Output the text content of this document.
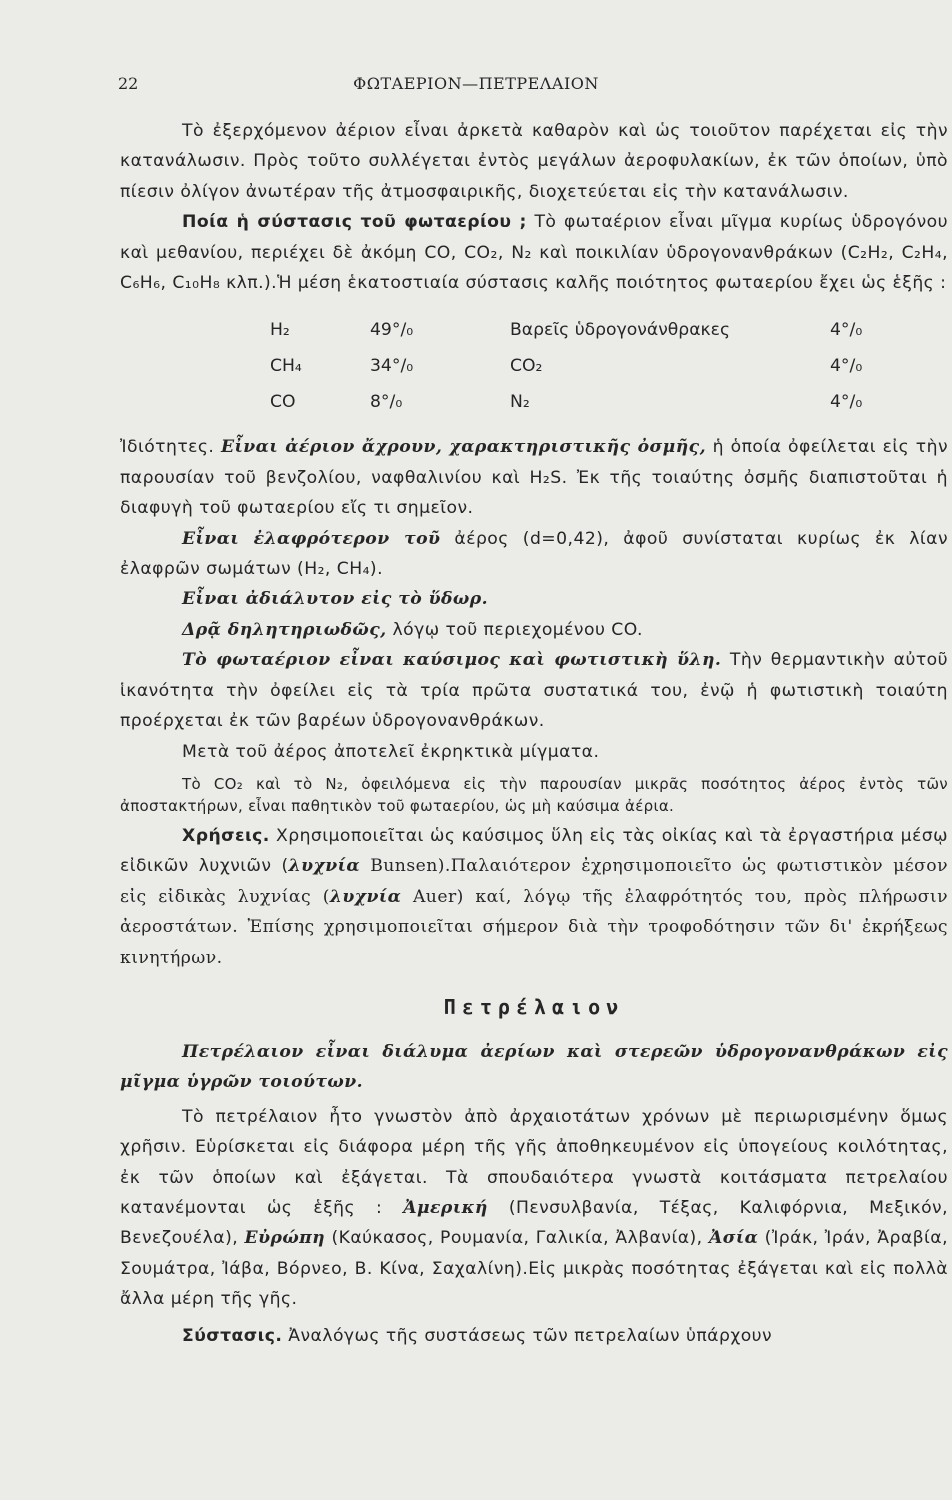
22	ΦΩΤΑΕΡΙΟΝ—ΠΕΤΡΕΛΑΙΟΝ

Τὸ ἐξερχόμενον ἀέριον εἶναι ἀρκετὰ καθαρὸν καὶ ὡς τοιοῦτον παρέχεται εἰς τὴν κατανάλωσιν. Πρὸς τοῦτο συλλέγεται ἐντὸς μεγάλων ἀεροφυλακίων, ἐκ τῶν ὁποίων, ὑπὸ πίεσιν ὀλίγον ἀνωτέραν τῆς ἀτμοσφαιρικῆς, διοχετεύεται εἰς τὴν κατανάλωσιν.

Ποία ἡ σύστασις τοῦ φωταερίου ; Τὸ φωταέριον εἶναι μῖγμα κυρίως ὑδρογόνου καὶ μεθανίου, περιέχει δὲ ἀκόμη CO, CO₂, N₂ καὶ ποικιλίαν ὑδρογονανθράκων (C₂H₂, C₂H₄, C₆H₆, C₁₀H₈ κλπ.).Ἡ μέση ἑκατοστιαία σύστασις καλῆς ποιότητος φωταερίου ἔχει ὡς ἑξῆς :

H₂	49°/₀	Βαρεῖς ὑδρογονάνθρακες	4°/₀
CH₄	34°/₀	CO₂	4°/₀
CO	8°/₀	N₂	4°/₀

Ἰδιότητες. Εἶναι ἀέριον ἄχρουν, χαρακτηριστικῆς ὀσμῆς, ἡ ὁποία ὀφείλεται εἰς τὴν παρουσίαν τοῦ βενζολίου, ναφθαλινίου καὶ H₂S. Ἐκ τῆς τοιαύτης ὀσμῆς διαπιστοῦται ἡ διαφυγὴ τοῦ φωταερίου εἴς τι σημεῖον.

Εἶναι ἐλαφρότερον τοῦ ἀέρος (d=0,42), ἀφοῦ συνίσταται κυρίως ἐκ λίαν ἐλαφρῶν σωμάτων (H₂, CH₄).

Εἶναι ἀδιάλυτον εἰς τὸ ὕδωρ.

Δρᾷ δηλητηριωδῶς, λόγῳ τοῦ περιεχομένου CO.

Τὸ φωταέριον εἶναι καύσιμος καὶ φωτιστικὴ ὕλη. Τὴν θερμαντικὴν αὐτοῦ ἱκανότητα τὴν ὀφείλει εἰς τὰ τρία πρῶτα συστατικά του, ἐνῷ ἡ φωτιστικὴ τοιαύτη προέρχεται ἐκ τῶν βαρέων ὑδρογονανθράκων.

Μετὰ τοῦ ἀέρος ἀποτελεῖ ἐκρηκτικὰ μίγματα.

Τὸ CO₂ καὶ τὸ N₂, ὀφειλόμενα εἰς τὴν παρουσίαν μικρᾶς ποσότητος ἀέρος ἐντὸς τῶν ἀποστακτήρων, εἶναι παθητικὸν τοῦ φωταερίου, ὡς μὴ καύσιμα ἀέρια.

Χρήσεις. Χρησιμοποιεῖται ὡς καύσιμος ὕλη εἰς τὰς οἰκίας καὶ τὰ ἐργαστήρια μέσῳ εἰδικῶν λυχνιῶν (λυχνία Bunsen).Παλαιότερον ἐχρησιμοποιεῖτο ὡς φωτιστικὸν μέσον εἰς εἰδικὰς λυχνίας (λυχνία Auer) καί, λόγῳ τῆς ἐλαφρότητός του, πρὸς πλήρωσιν ἀεροστάτων. Ἐπίσης χρησιμοποιεῖται σήμερον διὰ τὴν τροφοδότησιν τῶν δι' ἐκρήξεως κινητήρων.

Πετρέλαιον

Πετρέλαιον εἶναι διάλυμα ἀερίων καὶ στερεῶν ὑδρογονανθράκων εἰς μῖγμα ὑγρῶν τοιούτων.

Τὸ πετρέλαιον ἦτο γνωστὸν ἀπὸ ἀρχαιοτάτων χρόνων μὲ περιωρισμένην ὅμως χρῆσιν. Εὑρίσκεται εἰς διάφορα μέρη τῆς γῆς ἀποθηκευμένον εἰς ὑπογείους κοιλότητας, ἐκ τῶν ὁποίων καὶ ἐξάγεται. Τὰ σπουδαιότερα γνωστὰ κοιτάσματα πετρελαίου κατανέμονται ὡς ἑξῆς : Ἀμερική (Πενσυλβανία, Τέξας, Καλιφόρνια, Μεξικόν, Βενεζουέλα), Εὐρώπη (Καύκασος, Ρουμανία, Γαλικία, Ἀλβανία), Ἀσία (Ἰράκ, Ἰράν, Ἀραβία, Σουμάτρα, Ἰάβα, Βόρνεο, Β. Κίνα, Σαχαλίνη).Εἰς μικρὰς ποσότητας ἐξάγεται καὶ εἰς πολλὰ ἄλλα μέρη τῆς γῆς.

Σύστασις. Ἀναλόγως τῆς συστάσεως τῶν πετρελαίων ὑπάρχουν
